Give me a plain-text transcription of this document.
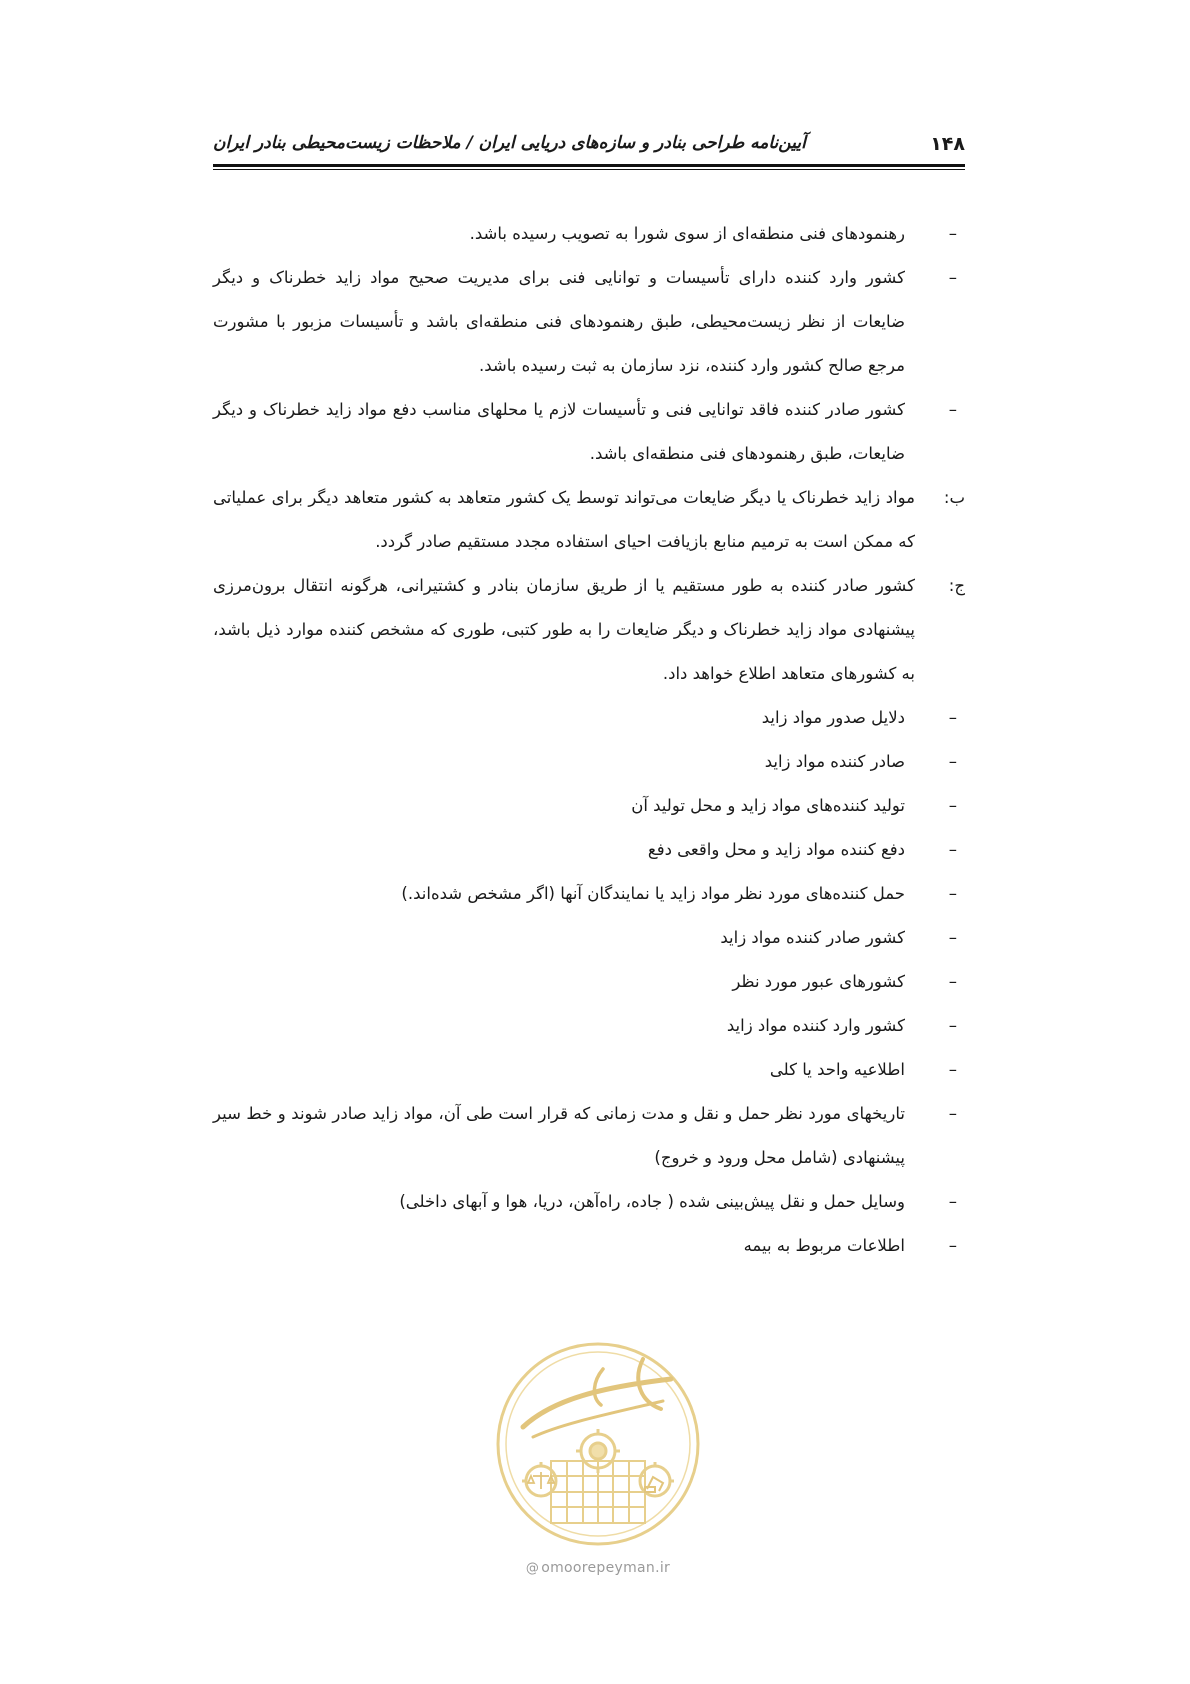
۱۴۸
آیین‌نامه طراحی بنادر و سازه‌های دریایی ایران / ملاحظات زیست‌محیطی بنادر ایران
–
رهنمودهای فنی منطقه‌ای از سوی شورا به تصویب رسیده باشد.
–
کشور وارد کننده دارای تأسیسات و توانایی فنی برای مدیریت صحیح مواد زاید خطرناک و دیگر ضایعات از نظر زیست‌محیطی، طبق رهنمودهای فنی منطقه‌ای باشد و تأسیسات مزبور با مشورت مرجع صالح کشور وارد کننده، نزد سازمان به ثبت رسیده باشد.
–
کشور صادر کننده فاقد توانایی فنی و تأسیسات لازم یا محلهای مناسب دفع مواد زاید خطرناک و دیگر ضایعات، طبق رهنمودهای فنی منطقه‌ای باشد.
ب:
مواد زاید خطرناک یا دیگر ضایعات می‌تواند توسط یک کشور متعاهد به کشور متعاهد دیگر برای عملیاتی که ممکن است به ترمیم منابع بازیافت احیای استفاده مجدد مستقیم صادر گردد.
ج:
کشور صادر کننده به طور مستقیم یا از طریق سازمان بنادر و کشتیرانی، هرگونه انتقال برون‌مرزی پیشنهادی مواد زاید خطرناک و دیگر ضایعات را به طور کتبی، طوری که مشخص کننده موارد ذیل باشد، به کشورهای متعاهد اطلاع خواهد داد.
–
دلایل صدور مواد زاید
–
صادر کننده مواد زاید
–
تولید کننده‌های مواد زاید و محل تولید آن
–
دفع کننده مواد زاید و محل واقعی دفع
–
حمل کننده‌های مورد نظر مواد زاید یا نمایندگان آنها (اگر مشخص شده‌اند.)
–
کشور صادر کننده مواد زاید
–
کشورهای عبور مورد نظر
–
کشور وارد کننده مواد زاید
–
اطلاعیه واحد یا کلی
–
تاریخهای مورد نظر حمل و نقل و مدت زمانی که قرار است طی آن، مواد زاید صادر شوند و خط سیر پیشنهادی (شامل محل ورود و خروج)
–
وسایل حمل و نقل پیش‌بینی شده ( جاده، راه‌آهن، دریا، هوا و آبهای داخلی)
–
اطلاعات مربوط به بیمه
@ omoorepeyman.ir
